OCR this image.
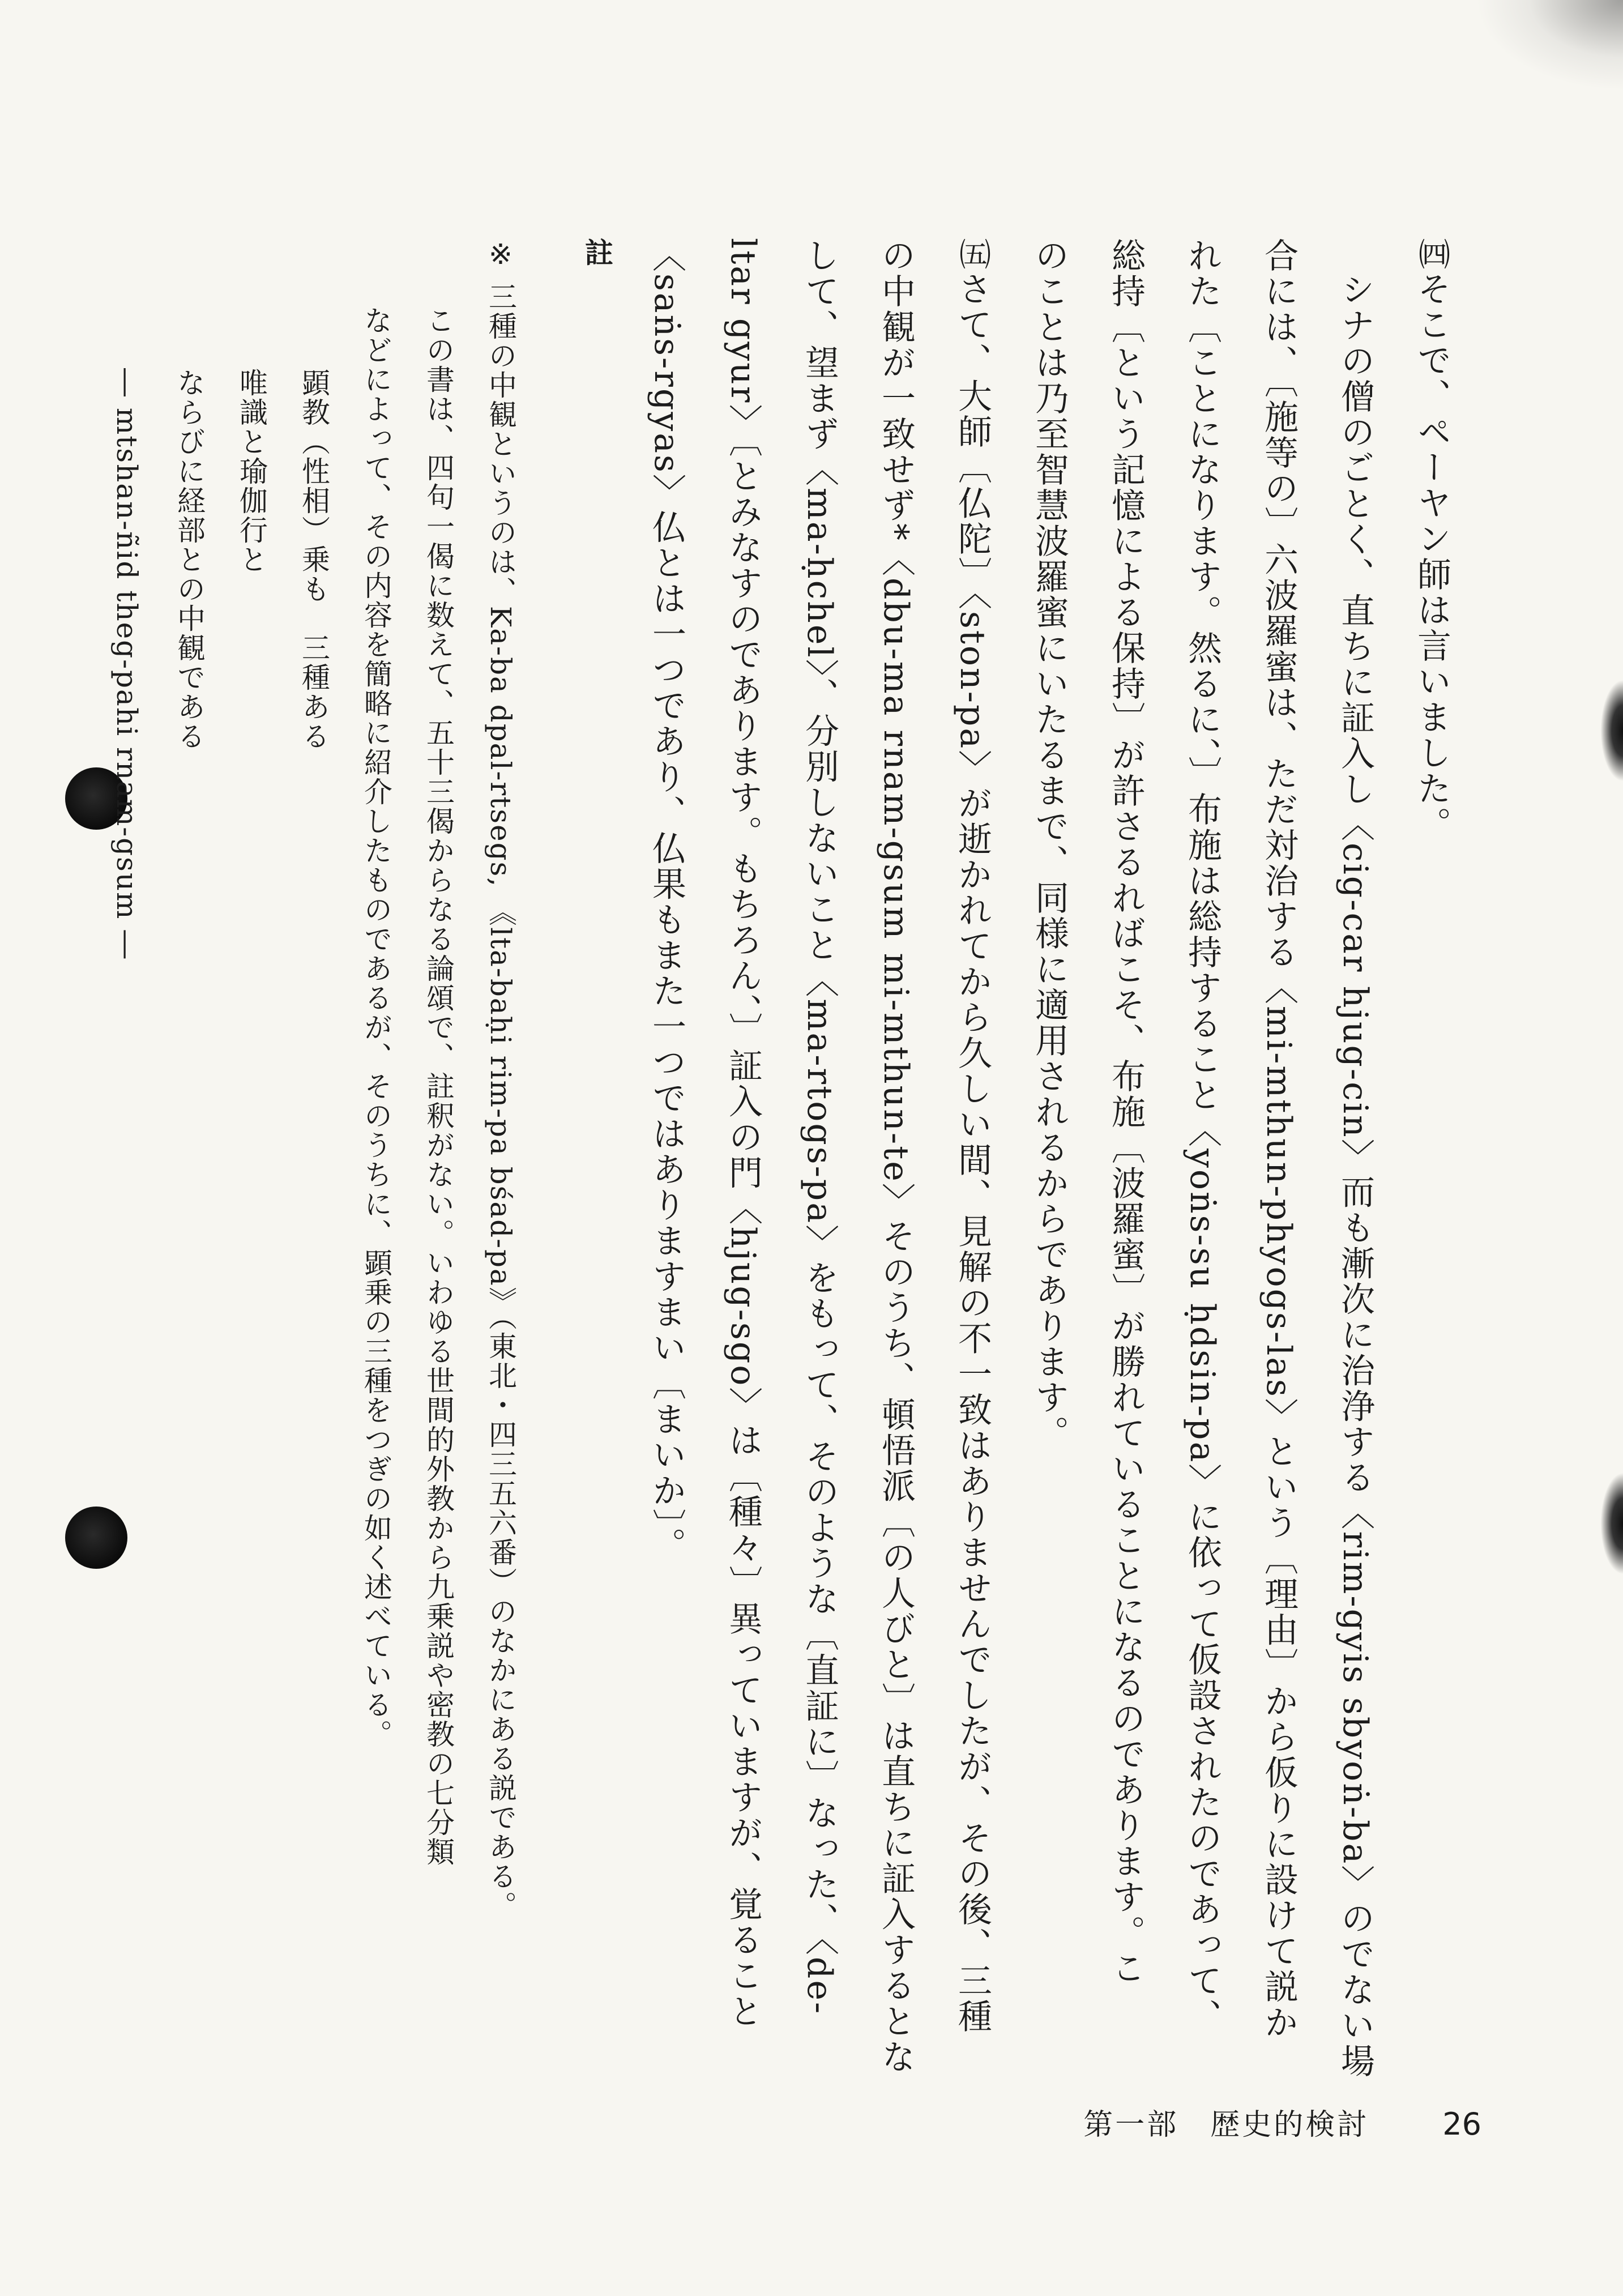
㈣そこで、ペーヤン師は言いました。
シナの僧のごとく、直ちに証入し〈cig-car hjug-cin〉而も漸次に治浄する〈rim-gyis sbyoṅ-ba〉のでない場
合には、〔施等の〕六波羅蜜は、ただ対治する〈mi-mthun-phyogs-las〉という〔理由〕から仮りに設けて説か
れた〔ことになります。然るに、〕布施は総持すること〈yoṅs-su ḥdsin-pa〉に依って仮設されたのであって、
総持〔という記憶による保持〕が許さるればこそ、布施〔波羅蜜〕が勝れていることになるのであります。こ
のことは乃至智慧波羅蜜にいたるまで、同様に適用されるからであります。

㈤さて、大師〔仏陀〕〈ston-pa〉が逝かれてから久しい間、見解の不一致はありませんでしたが、その後、三種
の中観が一致せず*〈dbu-ma rnam-gsum mi-mthun-te〉そのうち、頓悟派〔の人びと〕は直ちに証入するとな
して、望まず〈ma-ḥchel〉、分別しないこと〈ma-rtogs-pa〉をもって、そのような〔直証に〕なった、〈de-
ltar gyur〉〔とみなすのであります。もちろん、〕証入の門〈hjug-sgo〉は〔種々〕異っていますが、覚ること
〈saṅs-rgyas〉仏とは一つであり、仏果もまた一つではありますまい〔まいか〕。

註
※ 三種の中観というのは、Ka-ba dpal-rtsegs, 《lta-baḥi rim-pa bśad-pa》（東北・四三五六番）のなかにある説である。
この書は、四句一偈に数えて、五十三偈からなる論頌で、註釈がない。いわゆる世間的外教から九乗説や密教の七分類
などによって、その内容を簡略に紹介したものであるが、そのうちに、顕乗の三種をつぎの如く述べている。
顕教（性相）乗も　三種ある
唯識と瑜伽行と
ならびに経部との中観である
― mtshan-ñid theg-pahi rnam-gsum ―
第一部　歴史的検討 26
